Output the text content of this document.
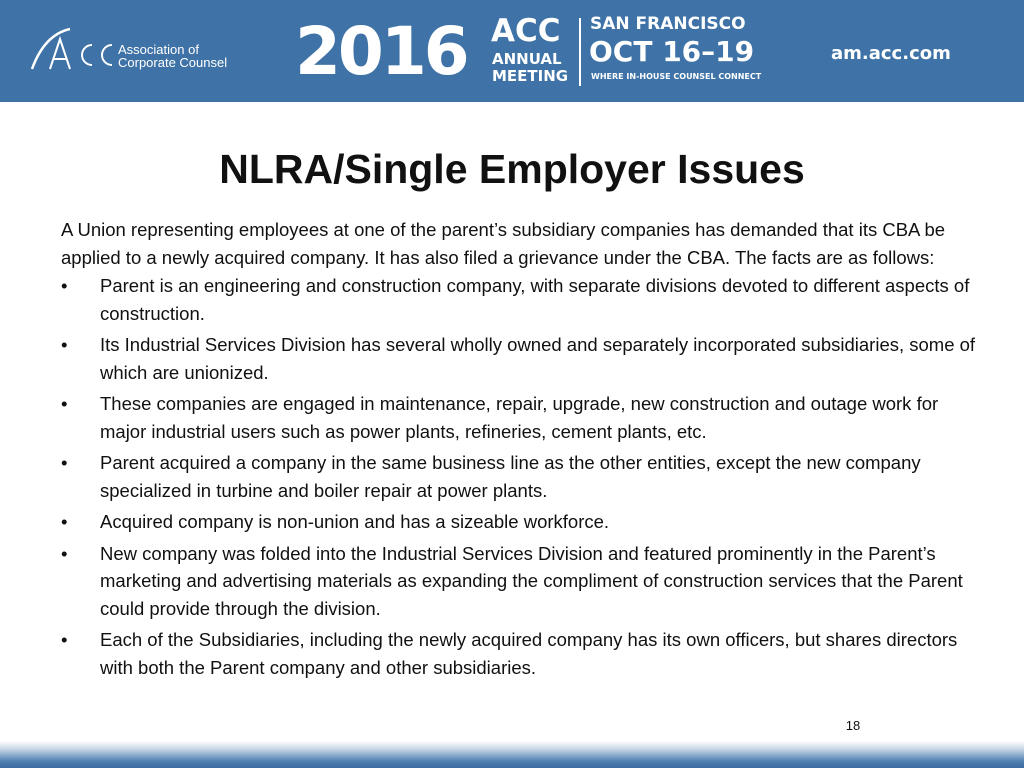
Association of
Corporate Counsel 2016 ACC
ANNUAL
MEETING
SAN FRANCISCO
OCT 16–19
WHERE IN-HOUSE COUNSEL CONNECT
am.acc.com
NLRA/Single Employer Issues

A Union representing employees at one of the parent’s subsidiary companies has demanded that its CBA be applied to a newly acquired company. It has also filed a grievance under the CBA. The facts are as follows:

• Parent is an engineering and construction company, with separate divisions devoted to different aspects of construction.
• Its Industrial Services Division has several wholly owned and separately incorporated subsidiaries, some of which are unionized.
• These companies are engaged in maintenance, repair, upgrade, new construction and outage work for major industrial users such as power plants, refineries, cement plants, etc.
• Parent acquired a company in the same business line as the other entities, except the new company specialized in turbine and boiler repair at power plants.
• Acquired company is non-union and has a sizeable workforce.
• New company was folded into the Industrial Services Division and featured prominently in the Parent’s marketing and advertising materials as expanding the compliment of construction services that the Parent could provide through the division.
• Each of the Subsidiaries, including the newly acquired company has its own officers, but shares directors with both the Parent company and other subsidiaries.
18
